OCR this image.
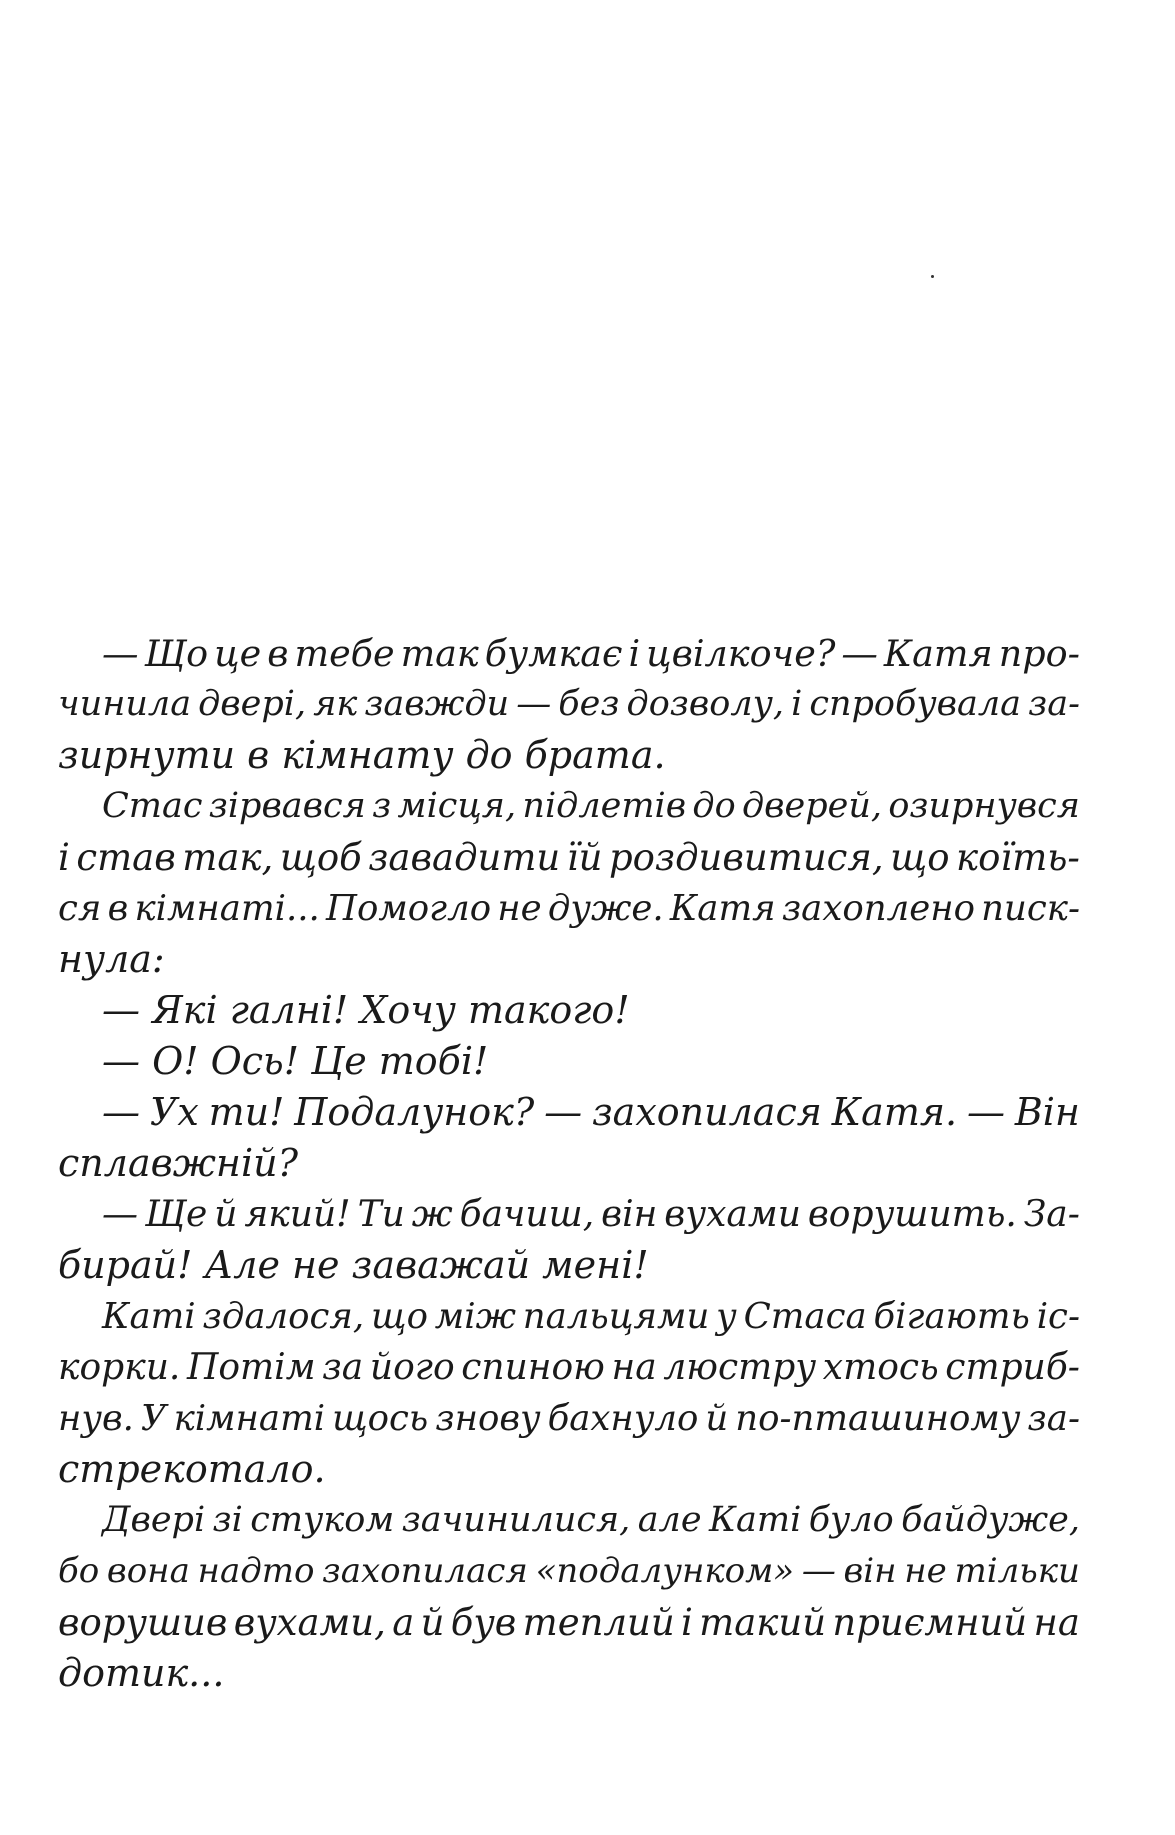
— Що це в тебе так бумкає і цвілкоче? — Катя про-
чинила двері, як завжди — без дозволу, і спробувала за-
зирнути в кімнату до брата.
Стас зірвався з місця, підлетів до дверей, озирнувся
і став так, щоб завадити їй роздивитися, що коїть-
ся в кімнаті... Помогло не дуже. Катя захоплено писк-
нула:
— Які галні! Хочу такого!
— О! Ось! Це тобі!
— Ух ти! Подалунок? — захопилася Катя. — Він
сплавжній?
— Ще й який! Ти ж бачиш, він вухами ворушить. За-
бирай! Але не заважай мені!
Каті здалося, що між пальцями у Стаса бігають іс-
корки. Потім за його спиною на люстру хтось стриб-
нув. У кімнаті щось знову бахнуло й по-пташиному за-
стрекотало.
Двері зі стуком зачинилися, але Каті було байдуже,
бо вона надто захопилася «подалунком» — він не тільки
ворушив вухами, а й був теплий і такий приємний на
дотик...
